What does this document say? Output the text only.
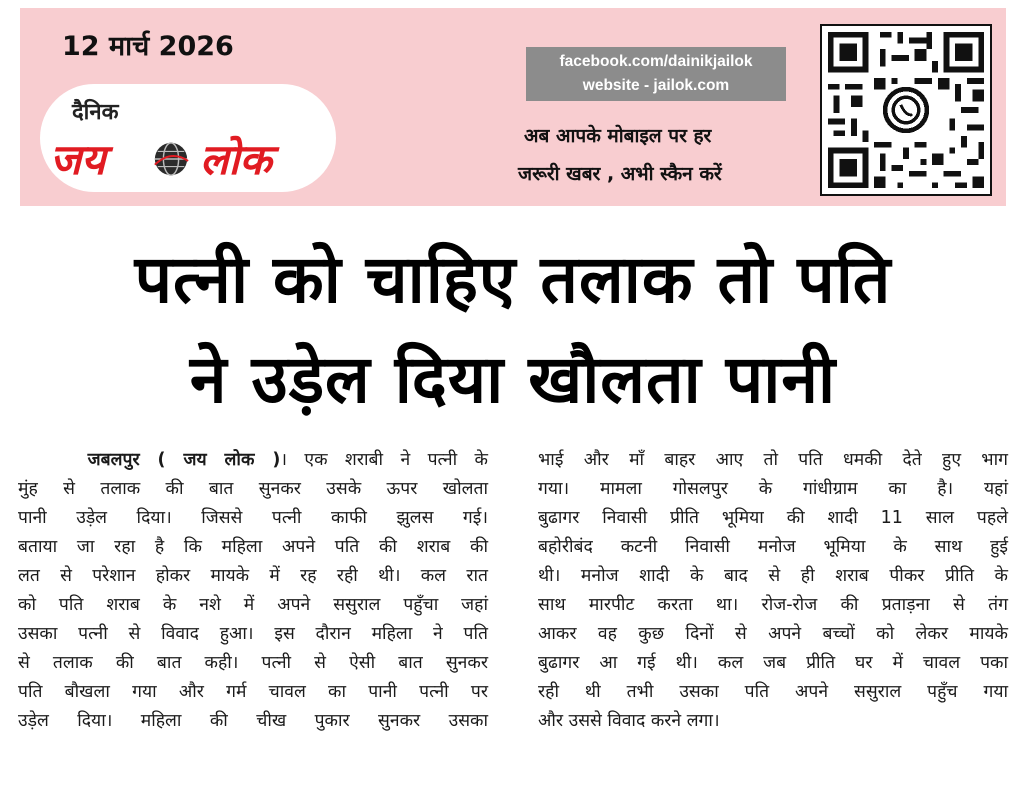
12 मार्च 2026
दैनिक
जय लोक
facebook.com/dainikjailok
website - jailok.com
अब आपके मोबाइल पर हर
जरूरी खबर , अभी स्कैन करें
पत्नी को चाहिए तलाक तो पति
ने उड़ेल दिया खौलता पानी
जबलपुर ( जय लोक )। एक शराबी ने पत्नी के
मुंह से तलाक की बात सुनकर उसके ऊपर खोलता
पानी उड़ेल दिया। जिससे पत्नी काफी झुलस गई।
बताया जा रहा है कि महिला अपने पति की शराब की
लत से परेशान होकर मायके में रह रही थी। कल रात
को पति शराब के नशे में अपने ससुराल पहुँचा जहां
उसका पत्नी से विवाद हुआ। इस दौरान महिला ने पति
से तलाक की बात कही। पत्नी से ऐसी बात सुनकर
पति बौखला गया और गर्म चावल का पानी पत्नी पर
उड़ेल दिया। महिला की चीख पुकार सुनकर उसका
भाई और माँ बाहर आए तो पति धमकी देते हुए भाग
गया। मामला गोसलपुर के गांधीग्राम का है। यहां
बुढागर निवासी प्रीति भूमिया की शादी 11 साल पहले
बहोरीबंद कटनी निवासी मनोज भूमिया के साथ हुई
थी। मनोज शादी के बाद से ही शराब पीकर प्रीति के
साथ मारपीट करता था। रोज-रोज की प्रताड़ना से तंग
आकर वह कुछ दिनों से अपने बच्चों को लेकर मायके
बुढागर आ गई थी। कल जब प्रीति घर में चावल पका
रही थी तभी उसका पति अपने ससुराल पहुँच गया
और उससे विवाद करने लगा।
